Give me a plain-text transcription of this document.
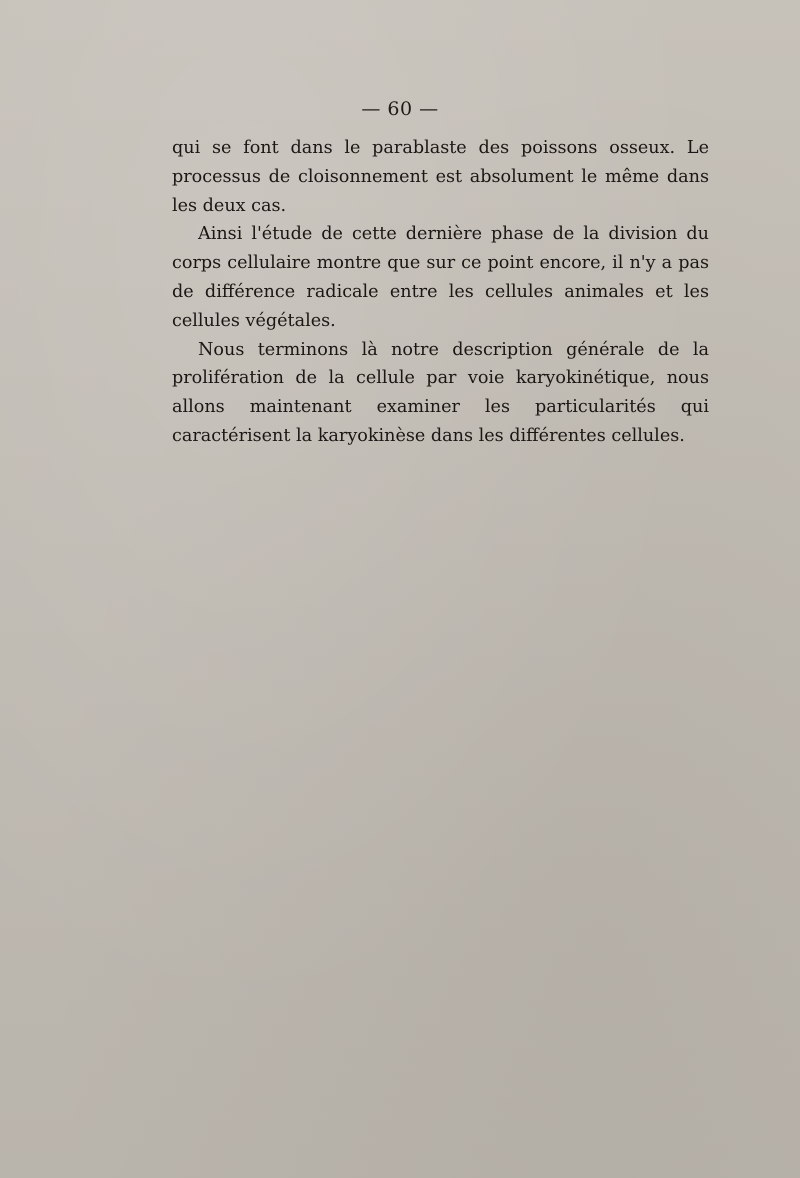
— 60 —

qui se font dans le parablaste des poissons osseux. Le processus de cloisonnement est absolument le même dans les deux cas.

Ainsi l'étude de cette dernière phase de la division du corps cellulaire montre que sur ce point encore, il n'y a pas de différence radicale entre les cellules animales et les cellules végétales.

Nous terminons là notre description générale de la prolifération de la cellule par voie karyokinétique, nous allons maintenant examiner les particularités qui caractérisent la karyokinèse dans les différentes cellules.
